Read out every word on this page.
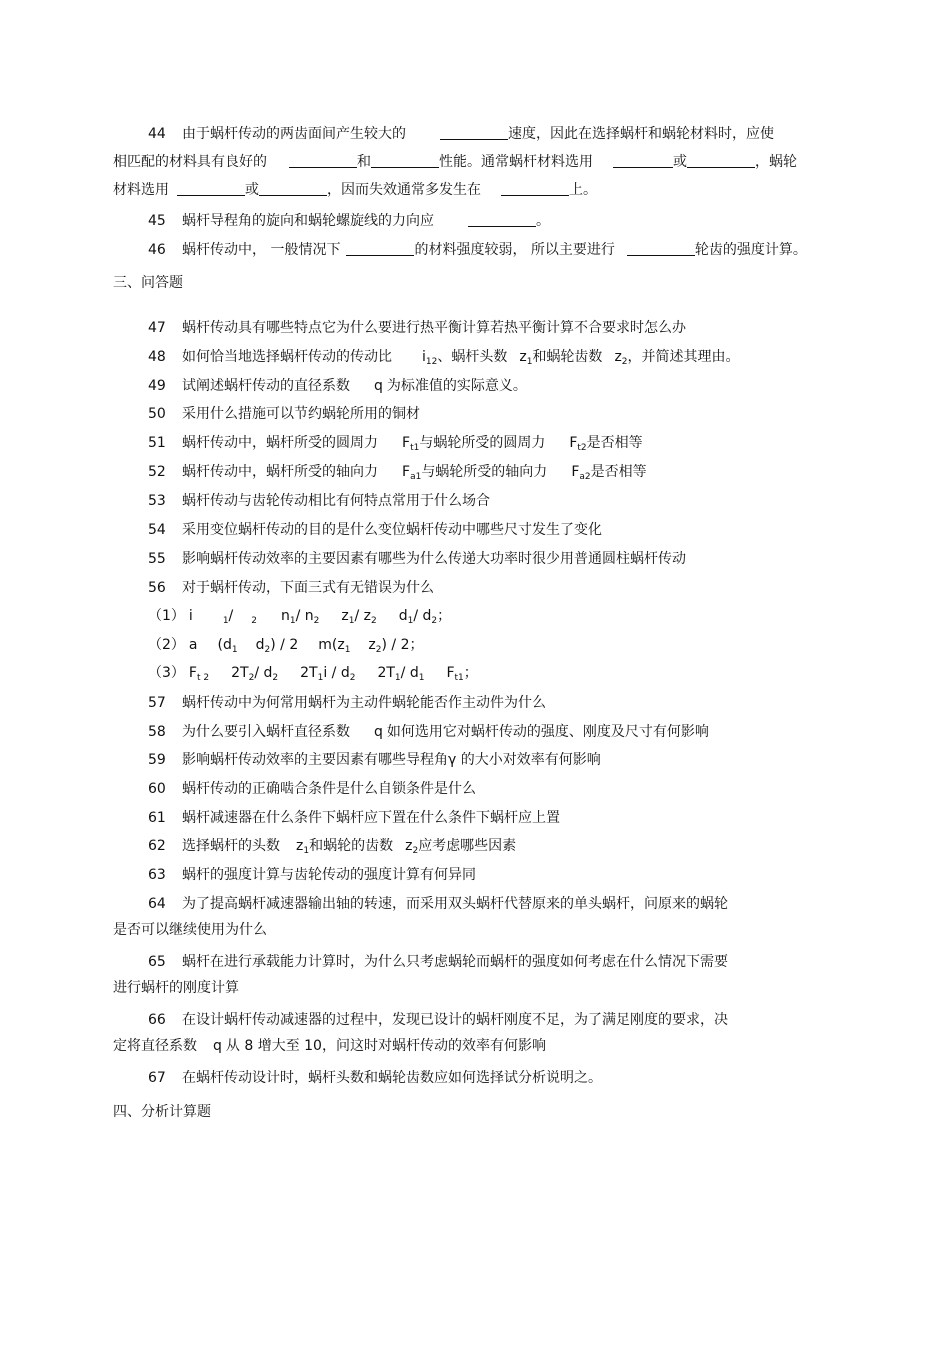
44 由于蜗杆传动的两齿面间产生较大的	速度，因此在选择蜗杆和蜗轮材料时，应使
相匹配的材料具有良好的	和	性能。通常蜗杆材料选用	或	，蜗轮
材料选用	或	，因而失效通常多发生在	上。
45 蜗杆导程角的旋向和蜗轮螺旋线的力向应	。
46 蜗杆传动中， 一般情况下	的材料强度较弱， 所以主要进行	轮齿的强度计算。
三、问答题
47 蜗杆传动具有哪些特点它为什么要进行热平衡计算若热平衡计算不合要求时怎么办
48 如何恰当地选择蜗杆传动的传动比 $i_{12}$、蜗杆头数 $z_1$和蜗轮齿数 $z_2$，并简述其理由。
49 试阐述蜗杆传动的直径系数 q 为标准值的实际意义。
50 采用什么措施可以节约蜗轮所用的铜材
51 蜗杆传动中，蜗杆所受的圆周力 $F_{t1}$与蜗轮所受的圆周力 $F_{t2}$是否相等
52 蜗杆传动中，蜗杆所受的轴向力 $F_{a1}$与蜗轮所受的轴向力 $F_{a2}$是否相等
53 蜗杆传动与齿轮传动相比有何特点常用于什么场合
54 采用变位蜗杆传动的目的是什么变位蜗杆传动中哪些尺寸发生了变化
55 影响蜗杆传动效率的主要因素有哪些为什么传递大功率时很少用普通圆柱蜗杆传动
56 对于蜗杆传动，下面三式有无错误为什么
（1） i	$_1$/ $_2$ $n_1/$ $n_2$ $z_1/$ $z_2$ $d_1/$ $d_2$；
（2） a ($d_1$ $d_2) / 2$ $m(z_1$ $z_2) / 2$；
（3） $F_{t 2}$ $2T_2/$ $d_2$ $2T_1i / d_2$ $2T_1/$ $d_1$ $F_{t1}$；
57 蜗杆传动中为何常用蜗杆为主动件蜗轮能否作主动件为什么
58 为什么要引入蜗杆直径系数 q 如何选用它对蜗杆传动的强度、刚度及尺寸有何影响
59 影响蜗杆传动效率的主要因素有哪些导程角γ 的大小对效率有何影响
60 蜗杆传动的正确啮合条件是什么自锁条件是什么
61 蜗杆减速器在什么条件下蜗杆应下置在什么条件下蜗杆应上置
62 选择蜗杆的头数 $z_1$和蜗轮的齿数 $z_2$应考虑哪些因素
63 蜗杆的强度计算与齿轮传动的强度计算有何异同
64 为了提高蜗杆减速器输出轴的转速，而采用双头蜗杆代替原来的单头蜗杆，问原来的蜗轮
是否可以继续使用为什么
65 蜗杆在进行承载能力计算时，为什么只考虑蜗轮而蜗杆的强度如何考虑在什么情况下需要
进行蜗杆的刚度计算
66 在设计蜗杆传动减速器的过程中，发现已设计的蜗杆刚度不足，为了满足刚度的要求，决
定将直径系数 q 从 8 增大至 10，问这时对蜗杆传动的效率有何影响
67 在蜗杆传动设计时，蜗杆头数和蜗轮齿数应如何选择试分析说明之。
四、分析计算题
